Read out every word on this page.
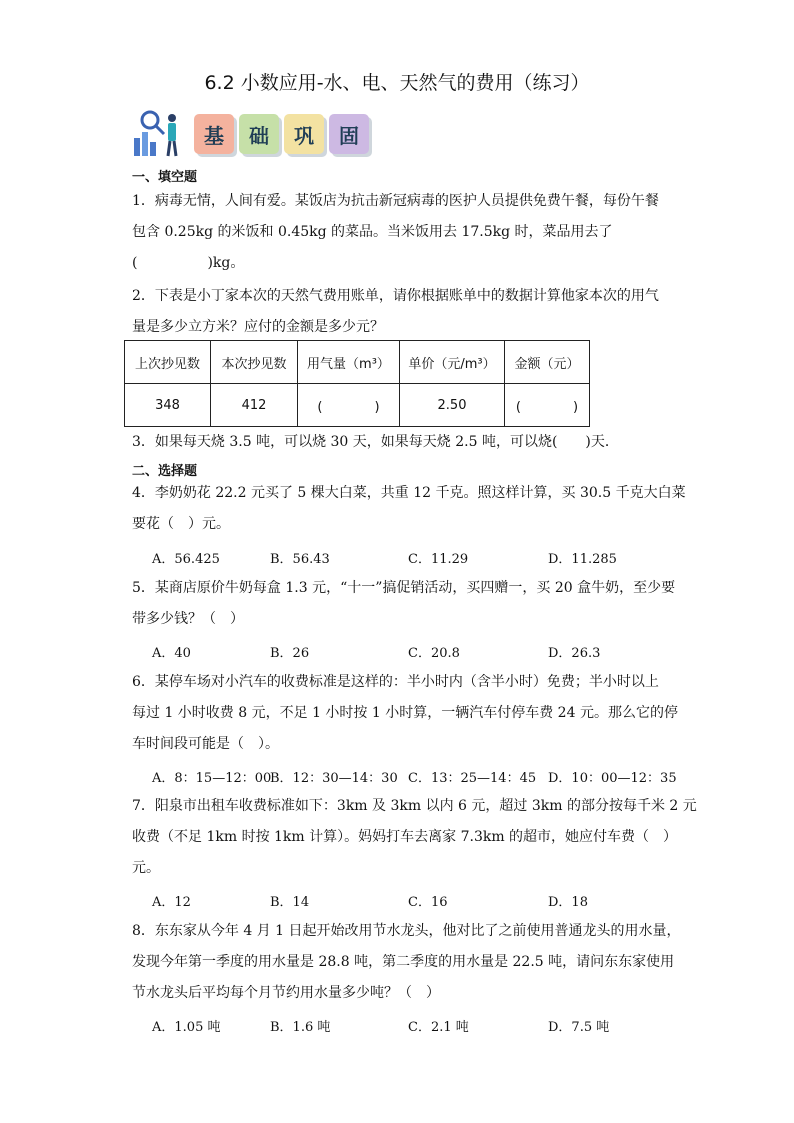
6.2 小数应用-水、电、天然气的费用（练习）
基	础	巩	固
一、填空题
1．病毒无情，人间有爱。某饭店为抗击新冠病毒的医护人员提供免费午餐，每份午餐
包含 0.25kg 的米饭和 0.45kg 的菜品。当米饭用去 17.5kg 时，菜品用去了
(　　　　　)kg。
2．下表是小丁家本次的天然气费用账单，请你根据账单中的数据计算他家本次的用气
量是多少立方米？应付的金额是多少元？
上次抄见数	本次抄见数	用气量（m³）	单价（元/m³）	金额（元）
348	412	(　　　　)	2.50	(　　　　)
3．如果每天烧 3.5 吨，可以烧 30 天，如果每天烧 2.5 吨，可以烧(　　)天．
二、选择题
4．李奶奶花 22.2 元买了 5 棵大白菜，共重 12 千克。照这样计算，买 30.5 千克大白菜
要花（　）元。
A．56.425	B．56.43	C．11.29	D．11.285
5．某商店原价牛奶每盒 1.3 元，“十一”搞促销活动，买四赠一，买 20 盒牛奶，至少要
带多少钱？（　）
A．40	B．26	C．20.8	D．26.3
6．某停车场对小汽车的收费标准是这样的：半小时内（含半小时）免费；半小时以上
每过 1 小时收费 8 元，不足 1 小时按 1 小时算，一辆汽车付停车费 24 元。那么它的停
车时间段可能是（　）。
A．8：15—12：00
B．12：30—14：30 C．13：25—14：45 D．10：00—12：35
7．阳泉市出租车收费标准如下：3km 及 3km 以内 6 元，超过 3km 的部分按每千米 2 元
收费（不足 1km 时按 1km 计算）。妈妈打车去离家 7.3km 的超市，她应付车费（　）
元。
A．12	B．14	C．16	D．18
8．东东家从今年 4 月 1 日起开始改用节水龙头，他对比了之前使用普通龙头的用水量，
发现今年第一季度的用水量是 28.8 吨，第二季度的用水量是 22.5 吨，请问东东家使用
节水龙头后平均每个月节约用水量多少吨？（　）
A．1.05 吨	B．1.6 吨	C．2.1 吨	D．7.5 吨
